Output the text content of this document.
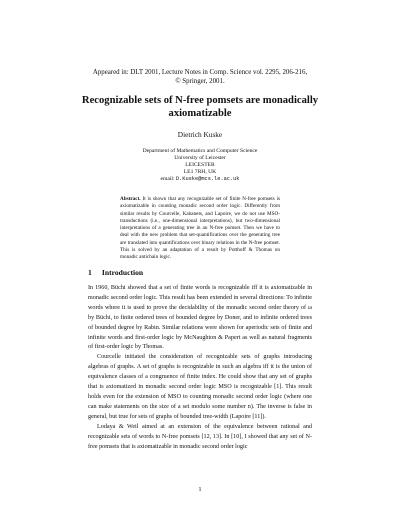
Appeared in: DLT 2001, Lecture Notes in Comp. Science vol. 2295, 206-216,
© Springer, 2001.
Recognizable sets of N-free pomsets are monadically axiomatizable
Dietrich Kuske
Department of Mathematics and Computer Science
University of Leicester
LEICESTER
LE1 7RH, UK
email: D.Kuske@mcs.le.ac.uk
Abstract. It is shown that any recognizable set of finite N-free pomsets is axiomatizable in counting monadic second order logic. Differently from similar results by Courcelle, Kabanets, and Lapoire, we do not use MSO-transductions (i.e., one-dimensional interpretations), but two-dimensional interpretations of a generating tree in an N-free pomset. Then we have to deal with the new problem that set-quantifications over the generating tree are translated into quantifications over binary relations in the N-free pomset. This is solved by an adaptation of a result by Potthoff & Thomas on monadic antichain logic.
1 Introduction

In 1960, Büchi showed that a set of finite words is recognizable iff it is axiomatizable in monadic second order logic. This result has been extended in several directions: To infinite words where it is used to prove the decidability of the monadic second order theory of ω by Büchi, to finite ordered trees of bounded degree by Doner, and to infinite ordered trees of bounded degree by Rabin. Similar relations were shown for aperiodic sets of finite and infinite words and first-order logic by McNaughton & Papert as well as natural fragments of first-order logic by Thomas.

Courcelle initiated the consideration of recognizable sets of graphs introducing algebras of graphs. A set of graphs is recognizable in such an algebra iff it is the union of equivalence classes of a congruence of finite index. He could show that any set of graphs that is axiomatized in monadic second order logic MSO is recognizable [1]. This result holds even for the extension of MSO to counting monadic second order logic (where one can make statements on the size of a set modulo some number n). The inverse is false in general, but true for sets of graphs of bounded tree-width (Lapoire [11]).

Lodaya & Weil aimed at an extension of the equivalence between rational and recognizable sets of words to N-free pomsets [12, 13]. In [10], I showed that any set of N-free pomsets that is axiomatizable in monadic second order logic

1
